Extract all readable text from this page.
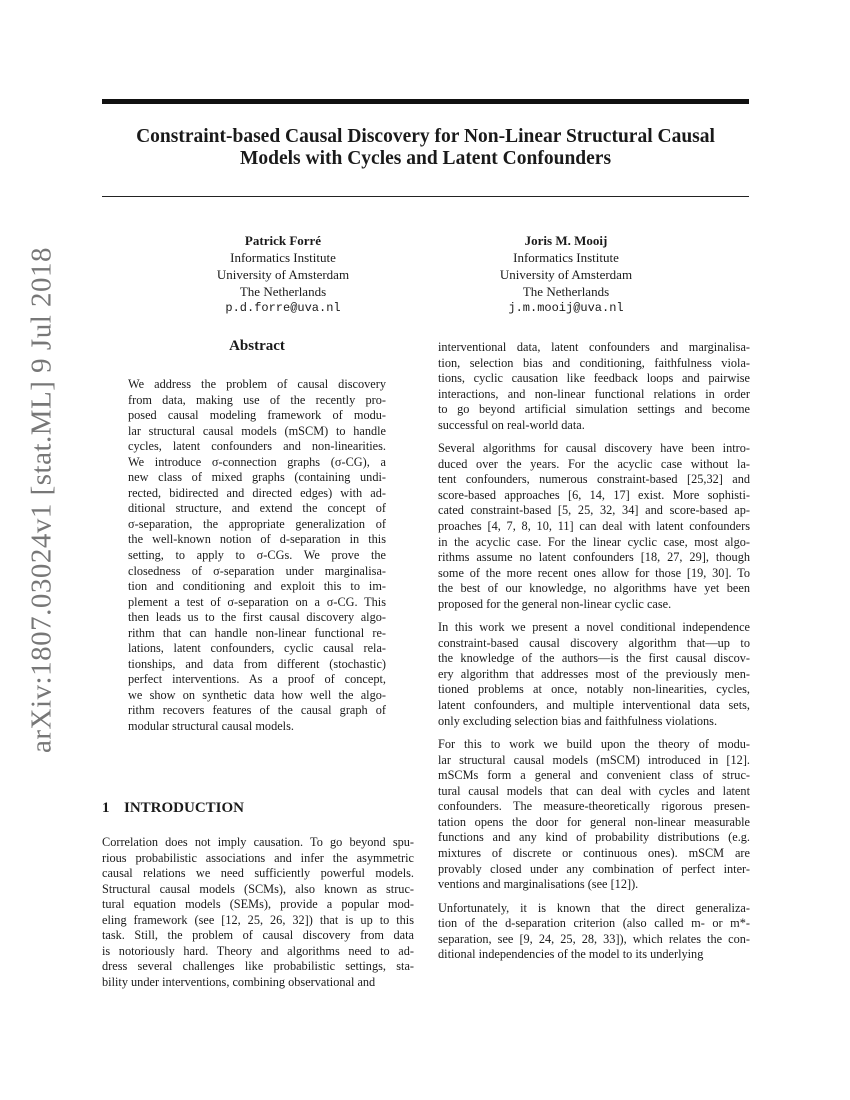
arXiv:1807.03024v1 [stat.ML] 9 Jul 2018
Constraint-based Causal Discovery for Non-Linear Structural Causal
Models with Cycles and Latent Confounders
Patrick Forré
Informatics Institute
University of Amsterdam
The Netherlands
p.d.forre@uva.nl
Joris M. Mooij
Informatics Institute
University of Amsterdam
The Netherlands
j.m.mooij@uva.nl
Abstract
We address the problem of causal discovery
from data, making use of the recently pro-
posed causal modeling framework of modu-
lar structural causal models (mSCM) to handle
cycles, latent confounders and non-linearities.
We introduce σ-connection graphs (σ-CG), a
new class of mixed graphs (containing undi-
rected, bidirected and directed edges) with ad-
ditional structure, and extend the concept of
σ-separation, the appropriate generalization of
the well-known notion of d-separation in this
setting, to apply to σ-CGs. We prove the
closedness of σ-separation under marginalisa-
tion and conditioning and exploit this to im-
plement a test of σ-separation on a σ-CG. This
then leads us to the first causal discovery algo-
rithm that can handle non-linear functional re-
lations, latent confounders, cyclic causal rela-
tionships, and data from different (stochastic)
perfect interventions. As a proof of concept,
we show on synthetic data how well the algo-
rithm recovers features of the causal graph of
modular structural causal models.
1 INTRODUCTION
Correlation does not imply causation. To go beyond spu-
rious probabilistic associations and infer the asymmetric
causal relations we need sufficiently powerful models.
Structural causal models (SCMs), also known as struc-
tural equation models (SEMs), provide a popular mod-
eling framework (see [12, 25, 26, 32]) that is up to this
task. Still, the problem of causal discovery from data
is notoriously hard. Theory and algorithms need to ad-
dress several challenges like probabilistic settings, sta-
bility under interventions, combining observational and
interventional data, latent confounders and marginalisa-
tion, selection bias and conditioning, faithfulness viola-
tions, cyclic causation like feedback loops and pairwise
interactions, and non-linear functional relations in order
to go beyond artificial simulation settings and become
successful on real-world data.
Several algorithms for causal discovery have been intro-
duced over the years. For the acyclic case without la-
tent confounders, numerous constraint-based [25,32] and
score-based approaches [6, 14, 17] exist. More sophisti-
cated constraint-based [5, 25, 32, 34] and score-based ap-
proaches [4, 7, 8, 10, 11] can deal with latent confounders
in the acyclic case. For the linear cyclic case, most algo-
rithms assume no latent confounders [18, 27, 29], though
some of the more recent ones allow for those [19, 30]. To
the best of our knowledge, no algorithms have yet been
proposed for the general non-linear cyclic case.
In this work we present a novel conditional independence
constraint-based causal discovery algorithm that—up to
the knowledge of the authors—is the first causal discov-
ery algorithm that addresses most of the previously men-
tioned problems at once, notably non-linearities, cycles,
latent confounders, and multiple interventional data sets,
only excluding selection bias and faithfulness violations.
For this to work we build upon the theory of modu-
lar structural causal models (mSCM) introduced in [12].
mSCMs form a general and convenient class of struc-
tural causal models that can deal with cycles and latent
confounders. The measure-theoretically rigorous presen-
tation opens the door for general non-linear measurable
functions and any kind of probability distributions (e.g.
mixtures of discrete or continuous ones). mSCM are
provably closed under any combination of perfect inter-
ventions and marginalisations (see [12]).
Unfortunately, it is known that the direct generaliza-
tion of the d-separation criterion (also called m- or m*-
separation, see [9, 24, 25, 28, 33]), which relates the con-
ditional independencies of the model to its underlying
